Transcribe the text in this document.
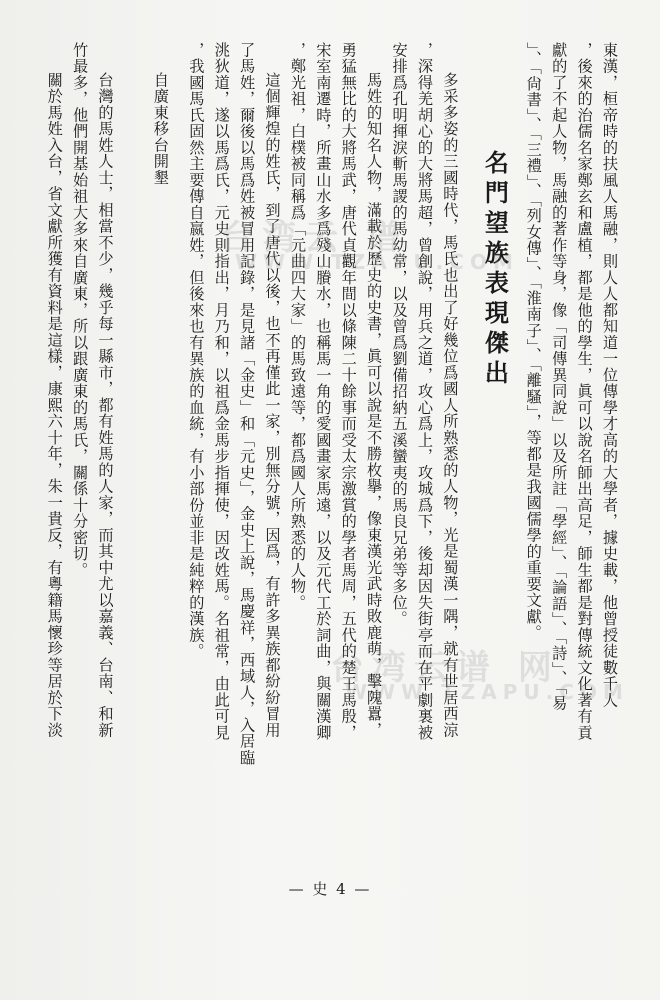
東漢，桓帝時的扶風人馬融，則人人都知道一位傳學才高的大學者，據史載，他曾授徒數千人
，後來的治儒名家鄭玄和盧植，都是他的學生，眞可以說名師出高足，師生都是對傳統文化著有貢
獻的了不起人物，馬融的著作等身，像「司傳異同說」以及所註「學經」、「論語」、「詩」、「易
」、「尙書」、「三禮」、「列女傳」、「淮南子」、「離騷」，等都是我國儒學的重要文獻。
名門望族表現傑出
多采多姿的三國時代，馬氏也出了好幾位爲國人所熟悉的人物，光是蜀漢一隅，就有世居西涼
，深得羌胡心的大將馬超，曾創說，用兵之道，攻心爲上，攻城爲下，後却因失街亭而在平劇裏被
安排爲孔明揮淚斬馬謖的馬幼常，以及曾爲劉備招納五溪蠻夷的馬良兄弟等多位。
馬姓的知名人物，滿載於歷史的史書，眞可以說是不勝枚擧，像東漢光武時敗鹿萌，擊隗囂，
勇猛無比的大將馬武，唐代貞觀年間以條陳二十餘事而受太宗激賞的學者馬周，五代的楚王馬殷，
宋室南遷時，所畫山水多爲殘山賸水，也稱馬一角的愛國畫家馬遠，以及元代工於詞曲，與關漢卿
，鄭光祖，白樸被同稱爲「元曲四大家」的馬致遠等，都爲國人所熟悉的人物。
這個輝煌的姓氏，到了唐代以後，也不再僅此一家，別無分號，因爲，有許多異族都紛紛冒用
了馬姓，爾後以馬爲姓被冒用記錄，是見諸「金史」和「元史」，金史上說，馬慶祥，西域人，入居臨
洮狄道，遂以馬爲氏，元史則指出，月乃和，以祖爲金馬步指揮使，因改姓馬。名祖常，由此可見
，我國馬氏固然主要傳自嬴姓，但後來也有異族的血統，有小部份並非是純粹的漢族。
自廣東移台開墾
台灣的馬姓人士，相當不少，幾乎每一縣市，都有姓馬的人家，而其中尤以嘉義、台南、和新
竹最多，他們開基始祖大多來自廣東，所以跟廣東的馬氏，關係十分密切。
關於馬姓入台，省文獻所獲有資料是這樣，康熙六十年，朱一貴反，有粵籍馬懷珍等居於下淡	台湾云 谱
WWW.TZAPU.COM
台湾云谱 网
WWW.TZAPU.COM
— 史 4 —
